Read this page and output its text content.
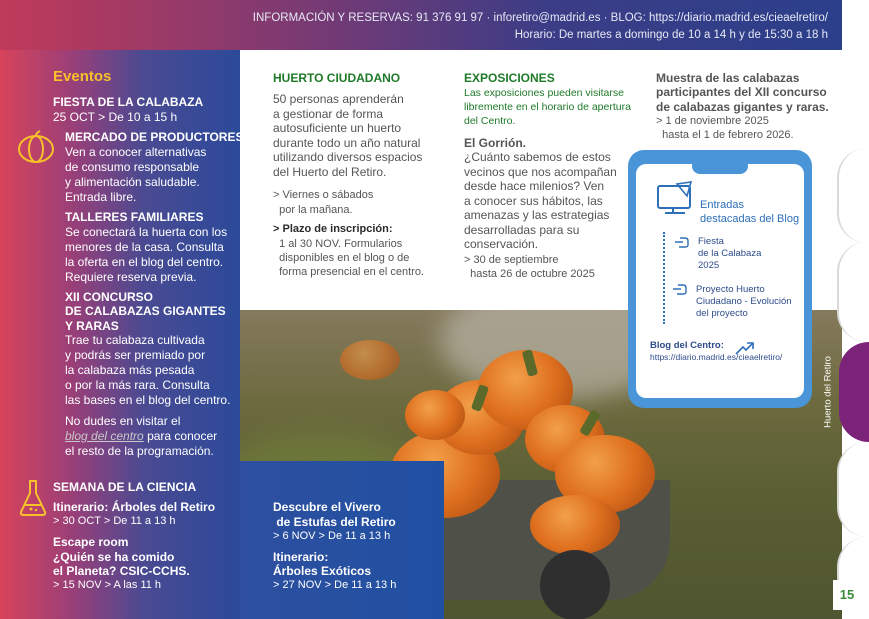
INFORMACIÓN Y RESERVAS: 91 376 91 97 · inforetiro@madrid.es · BLOG: https://diario.madrid.es/cieaelretiro/
Horario: De martes a domingo de 10 a 14 h y de 15:30 a 18 h
Huerto del Retiro
15
Eventos
FIESTA DE LA CALABAZA
25 OCT > De 10 a 15 h
MERCADO DE PRODUCTORES
Ven a conocer alternativas
de consumo responsable
y alimentación saludable.
Entrada libre.
TALLERES FAMILIARES
Se conectará la huerta con los
menores de la casa. Consulta
la oferta en el blog del centro.
Requiere reserva previa.
XII CONCURSO
DE CALABAZAS GIGANTES
Y RARAS
Trae tu calabaza cultivada
y podrás ser premiado por
la calabaza más pesada
o por la más rara. Consulta
las bases en el blog del centro.
No dudes en visitar el
blog del centro para conocer
el resto de la programación.
SEMANA DE LA CIENCIA
Itinerario: Árboles del Retiro
> 30 OCT > De 11 a 13 h
Escape room
¿Quién se ha comido
el Planeta? CSIC-CCHS.
> 15 NOV > A las 11 h
Descubre el Vivero
de Estufas del Retiro
> 6 NOV > De 11 a 13 h
Itinerario:
Árboles Exóticos
> 27 NOV > De 11 a 13 h
HUERTO CIUDADANO
50 personas aprenderán
a gestionar de forma
autosuficiente un huerto
durante todo un año natural
utilizando diversos espacios
del Huerto del Retiro.
> Viernes o sábados
por la mañana.
> Plazo de inscripción:
1 al 30 NOV. Formularios
disponibles en el blog o de
forma presencial en el centro.
EXPOSICIONES
Las exposiciones pueden visitarse
libremente en el horario de apertura
del Centro.
El Gorrión.
¿Cuánto sabemos de estos
vecinos que nos acompañan
desde hace milenios? Ven
a conocer sus hábitos, las
amenazas y las estrategias
desarrolladas para su
conservación.
> 30 de septiembre
hasta 26 de octubre 2025
Muestra de las calabazas
participantes del XII concurso
de calabazas gigantes y raras.
> 1 de noviembre 2025
hasta el 1 de febrero 2026.
Entradas
destacadas del Blog
Fiesta
de la Calabaza
2025
Proyecto Huerto
Ciudadano - Evolución
del proyecto
Blog del Centro:
https://diario.madrid.es/cieaelretiro/
